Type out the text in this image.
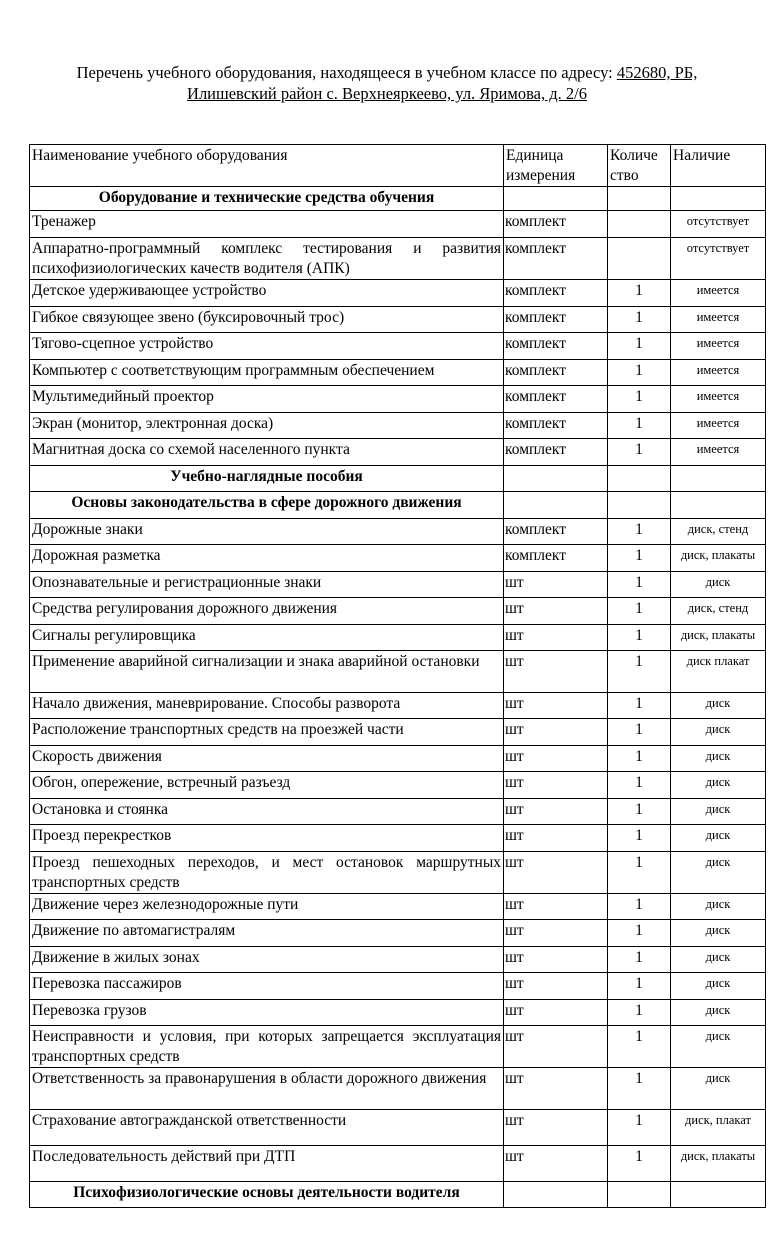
Перечень учебного оборудования, находящееся в учебном классе по адресу: 452680, РБ,
Илишевский район с. Верхнеяркеево, ул. Яримова, д. 2/6
Наименование учебного оборудования	Единица измерения	Количе ство	Наличие
Оборудование и технические средства обучения			
Тренажер	комплект		отсутствует
Аппаратно-программный комплекс тестирования и развития психофизиологических качеств водителя (АПК)	комплект		отсутствует
Детское удерживающее устройство	комплект	1	имеется
Гибкое связующее звено (буксировочный трос)	комплект	1	имеется
Тягово-сцепное устройство	комплект	1	имеется
Компьютер с соответствующим программным обеспечением	комплект	1	имеется
Мультимедийный проектор	комплект	1	имеется
Экран (монитор, электронная доска)	комплект	1	имеется
Магнитная доска со схемой населенного пункта	комплект	1	имеется
Учебно-наглядные пособия			
Основы законодательства в сфере дорожного движения			
Дорожные знаки	комплект	1	диск, стенд
Дорожная разметка	комплект	1	диск, плакаты
Опознавательные и регистрационные знаки	шт	1	диск
Средства регулирования дорожного движения	шт	1	диск, стенд
Сигналы регулировщика	шт	1	диск, плакаты
Применение аварийной сигнализации и знака аварийной остановки	шт	1	диск плакат
Начало движения, маневрирование. Способы разворота	шт	1	диск
Расположение транспортных средств на проезжей части	шт	1	диск
Скорость движения	шт	1	диск
Обгон, опережение, встречный разъезд	шт	1	диск
Остановка и стоянка	шт	1	диск
Проезд перекрестков	шт	1	диск
Проезд пешеходных переходов, и мест остановок маршрутных транспортных средств	шт	1	диск
Движение через железнодорожные пути	шт	1	диск
Движение по автомагистралям	шт	1	диск
Движение в жилых зонах	шт	1	диск
Перевозка пассажиров	шт	1	диск
Перевозка грузов	шт	1	диск
Неисправности и условия, при которых запрещается эксплуатация транспортных средств	шт	1	диск
Ответственность за правонарушения в области дорожного движения	шт	1	диск
Страхование автогражданской ответственности	шт	1	диск, плакат
Последовательность действий при ДТП	шт	1	диск, плакаты
Психофизиологические основы деятельности водителя			
